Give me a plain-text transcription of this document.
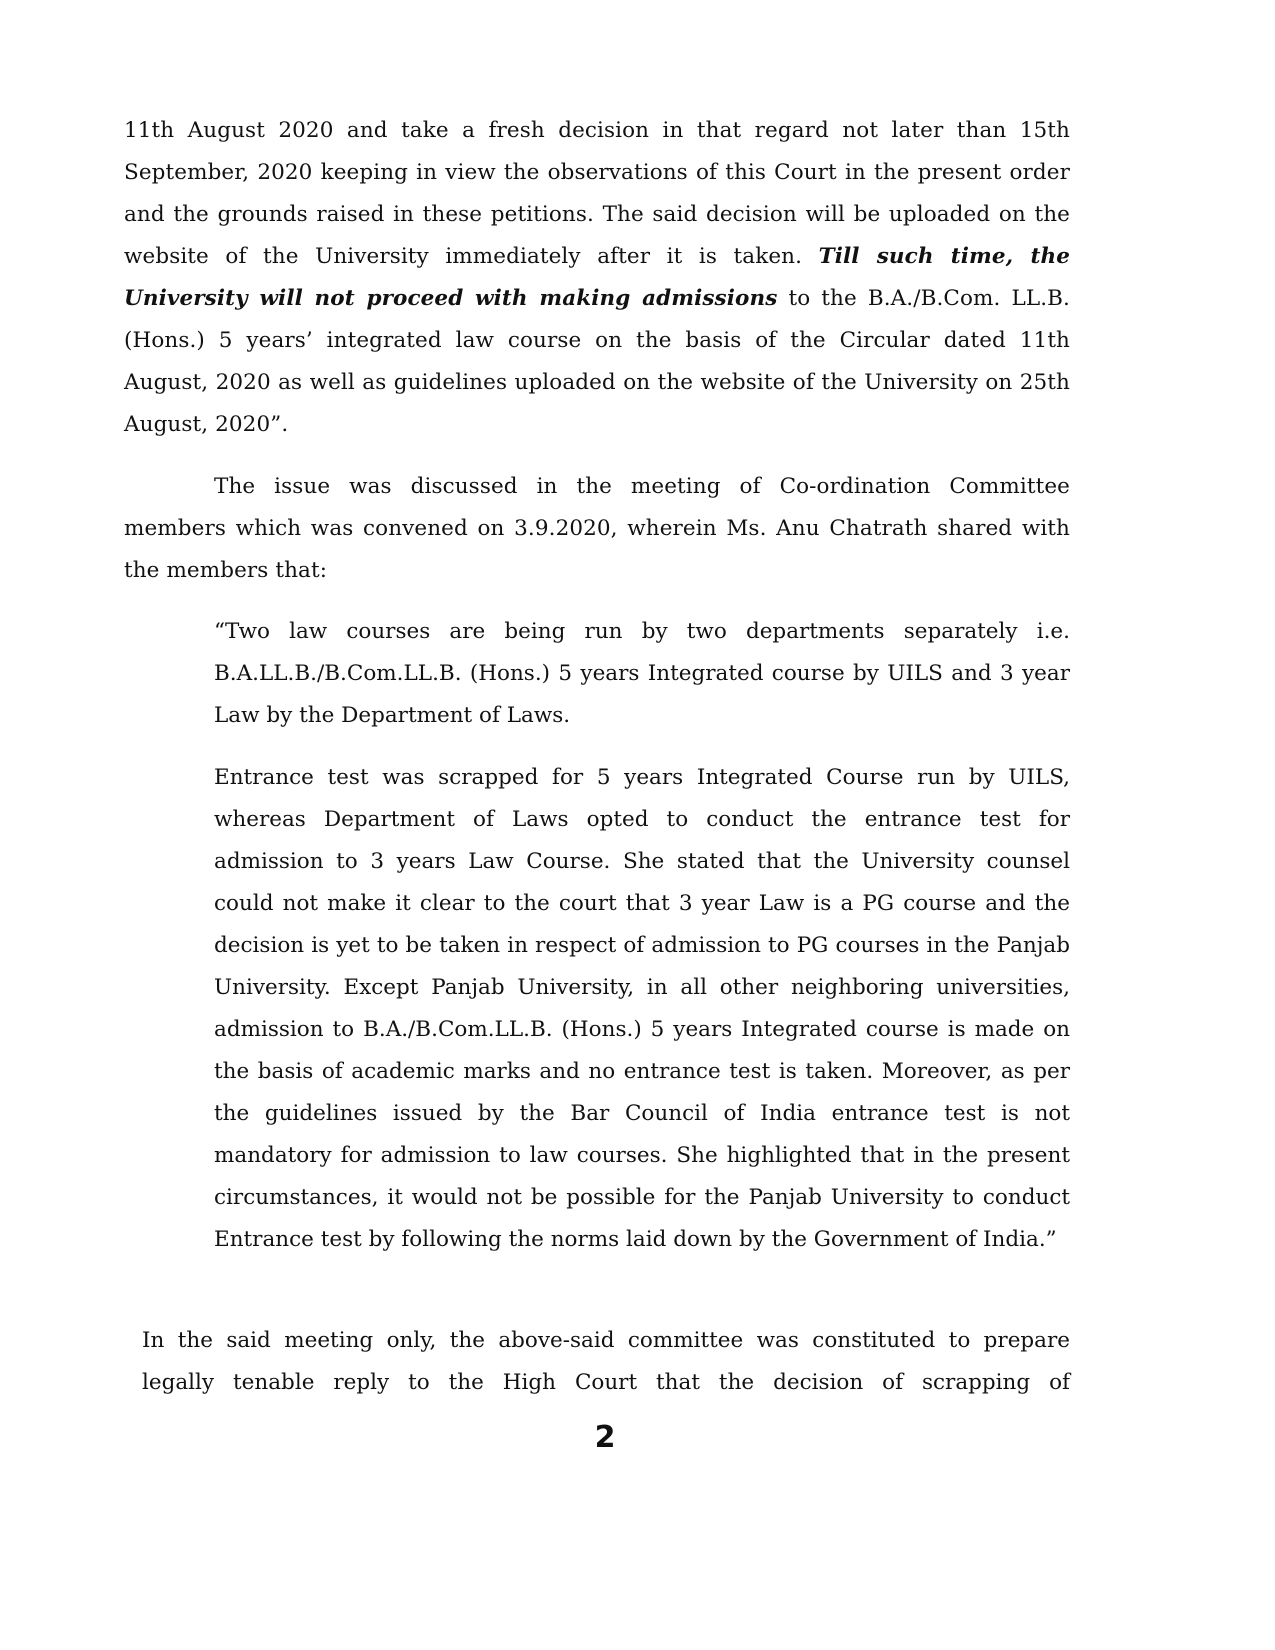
11th August 2020 and take a fresh decision in that regard not later than 15th September, 2020 keeping in view the observations of this Court in the present order and the grounds raised in these petitions. The said decision will be uploaded on the website of the University immediately after it is taken. Till such time, the University will not proceed with making admissions to the B.A./B.Com. LL.B. (Hons.) 5 years’ integrated law course on the basis of the Circular dated 11th August, 2020 as well as guidelines uploaded on the website of the University on 25th August, 2020”.
The issue was discussed in the meeting of Co-ordination Committee members which was convened on 3.9.2020, wherein Ms. Anu Chatrath shared with the members that:
“Two law courses are being run by two departments separately i.e. B.A.LL.B./B.Com.LL.B. (Hons.) 5 years Integrated course by UILS and 3 year Law by the Department of Laws.
Entrance test was scrapped for 5 years Integrated Course run by UILS, whereas Department of Laws opted to conduct the entrance test for admission to 3 years Law Course. She stated that the University counsel could not make it clear to the court that 3 year Law is a PG course and the decision is yet to be taken in respect of admission to PG courses in the Panjab University. Except Panjab University, in all other neighboring universities, admission to B.A./B.Com.LL.B. (Hons.) 5 years Integrated course is made on the basis of academic marks and no entrance test is taken. Moreover, as per the guidelines issued by the Bar Council of India entrance test is not mandatory for admission to law courses. She highlighted that in the present circumstances, it would not be possible for the Panjab University to conduct Entrance test by following the norms laid down by the Government of India.”
In the said meeting only, the above-said committee was constituted to prepare legally tenable reply to the High Court that the decision of scrapping of
2
